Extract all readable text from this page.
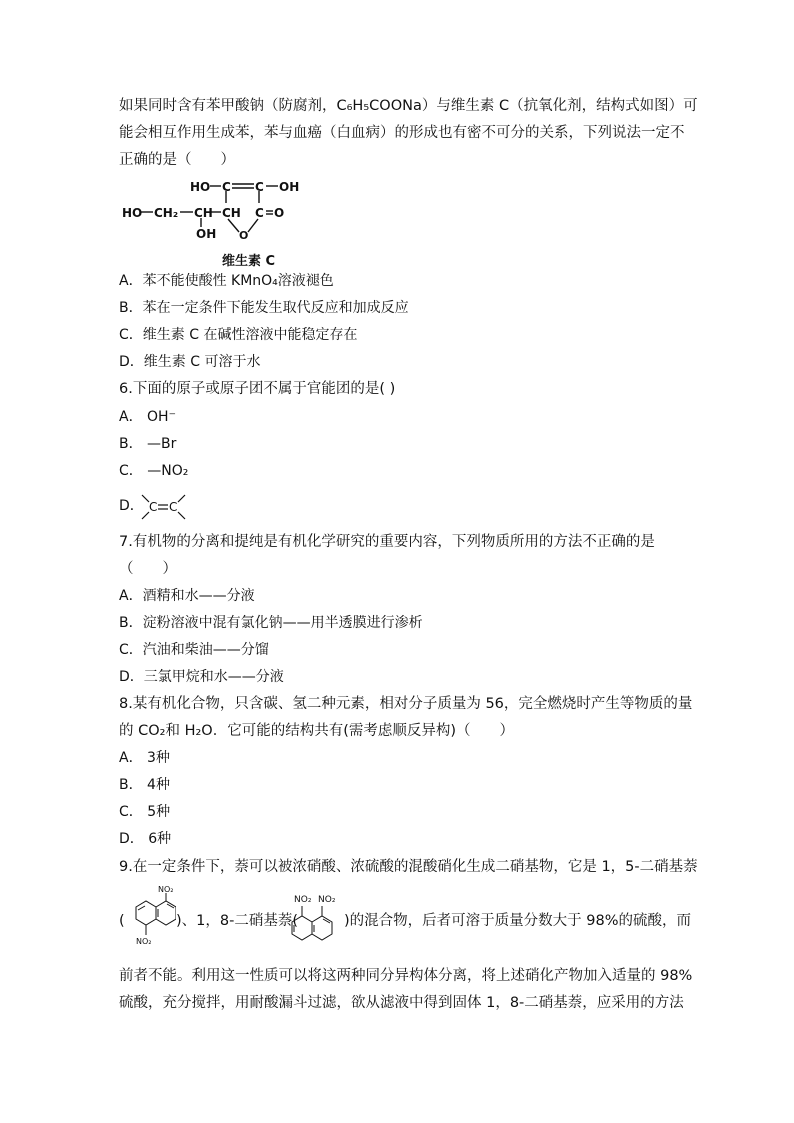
如果同时含有苯甲酸钠（防腐剂，C₆H₅COONa）与维生素 C（抗氧化剂，结构式如图）可
能会相互作用生成苯，苯与血癌（白血病）的形成也有密不可分的关系，下列说法一定不
正确的是（　　）
HO C C OH
HO CH₂ CH CH C O
OH O
维生素 C
A．苯不能使酸性 KMnO₄溶液褪色
B．苯在一定条件下能发生取代反应和加成反应
C．维生素 C 在碱性溶液中能稳定存在
D．维生素 C 可溶于水
6.下面的原子或原子团不属于官能团的是( )
A． OH⁻
B． —Br
C． —NO₂
D． C C
7.有机物的分离和提纯是有机化学研究的重要内容，下列物质所用的方法不正确的是
（　　）
A．酒精和水——分液
B．淀粉溶液中混有氯化钠——用半透膜进行渗析
C．汽油和柴油——分馏
D．三氯甲烷和水——分液
8.某有机化合物，只含碳、氢二种元素，相对分子质量为 56，完全燃烧时产生等物质的量
的 CO₂和 H₂O．它可能的结构共有(需考虑顺反异构)（　　）
A． 3种
B． 4种
C． 5种
D． 6种
9.在一定条件下，萘可以被浓硝酸、浓硫酸的混酸硝化生成二硝基物，它是 1，5-二硝基萘
(
NO₂
NO₂
)、1，8-二硝基萘(
NO₂ NO₂
)的混合物，后者可溶于质量分数大于 98%的硫酸，而
前者不能。利用这一性质可以将这两种同分异构体分离，将上述硝化产物加入适量的 98%
硫酸，充分搅拌，用耐酸漏斗过滤，欲从滤液中得到固体 1，8-二硝基萘，应采用的方法
